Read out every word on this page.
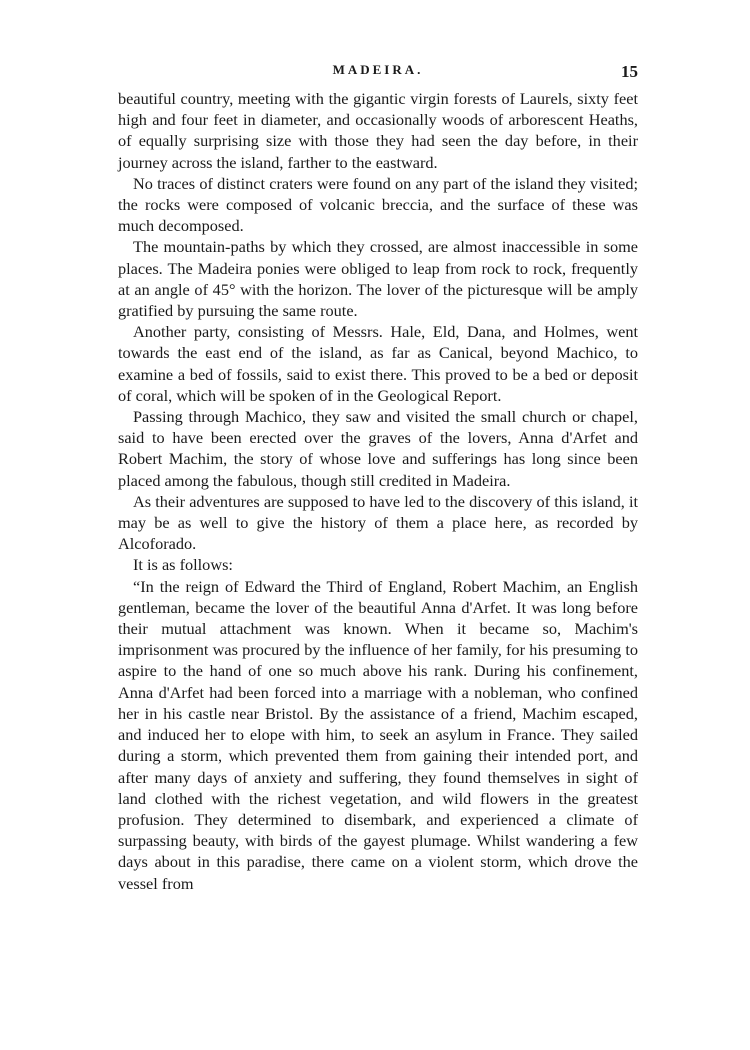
MADEIRA.	15

beautiful country, meeting with the gigantic virgin forests of Laurels, sixty feet high and four feet in diameter, and occasionally woods of arborescent Heaths, of equally surprising size with those they had seen the day before, in their journey across the island, farther to the eastward.

No traces of distinct craters were found on any part of the island they visited; the rocks were composed of volcanic breccia, and the surface of these was much decomposed.

The mountain-paths by which they crossed, are almost inaccessible in some places. The Madeira ponies were obliged to leap from rock to rock, frequently at an angle of 45° with the horizon. The lover of the picturesque will be amply gratified by pursuing the same route.

Another party, consisting of Messrs. Hale, Eld, Dana, and Holmes, went towards the east end of the island, as far as Canical, beyond Machico, to examine a bed of fossils, said to exist there. This proved to be a bed or deposit of coral, which will be spoken of in the Geological Report.

Passing through Machico, they saw and visited the small church or chapel, said to have been erected over the graves of the lovers, Anna d'Arfet and Robert Machim, the story of whose love and sufferings has long since been placed among the fabulous, though still credited in Madeira.

As their adventures are supposed to have led to the discovery of this island, it may be as well to give the history of them a place here, as recorded by Alcoforado.

It is as follows:

“In the reign of Edward the Third of England, Robert Machim, an English gentleman, became the lover of the beautiful Anna d'Arfet. It was long before their mutual attachment was known. When it became so, Machim's imprisonment was procured by the influence of her family, for his presuming to aspire to the hand of one so much above his rank. During his confinement, Anna d'Arfet had been forced into a marriage with a nobleman, who confined her in his castle near Bristol. By the assistance of a friend, Machim escaped, and induced her to elope with him, to seek an asylum in France. They sailed during a storm, which prevented them from gaining their intended port, and after many days of anxiety and suffering, they found themselves in sight of land clothed with the richest vegetation, and wild flowers in the greatest profusion. They determined to disembark, and experienced a climate of surpassing beauty, with birds of the gayest plumage. Whilst wandering a few days about in this paradise, there came on a violent storm, which drove the vessel from
